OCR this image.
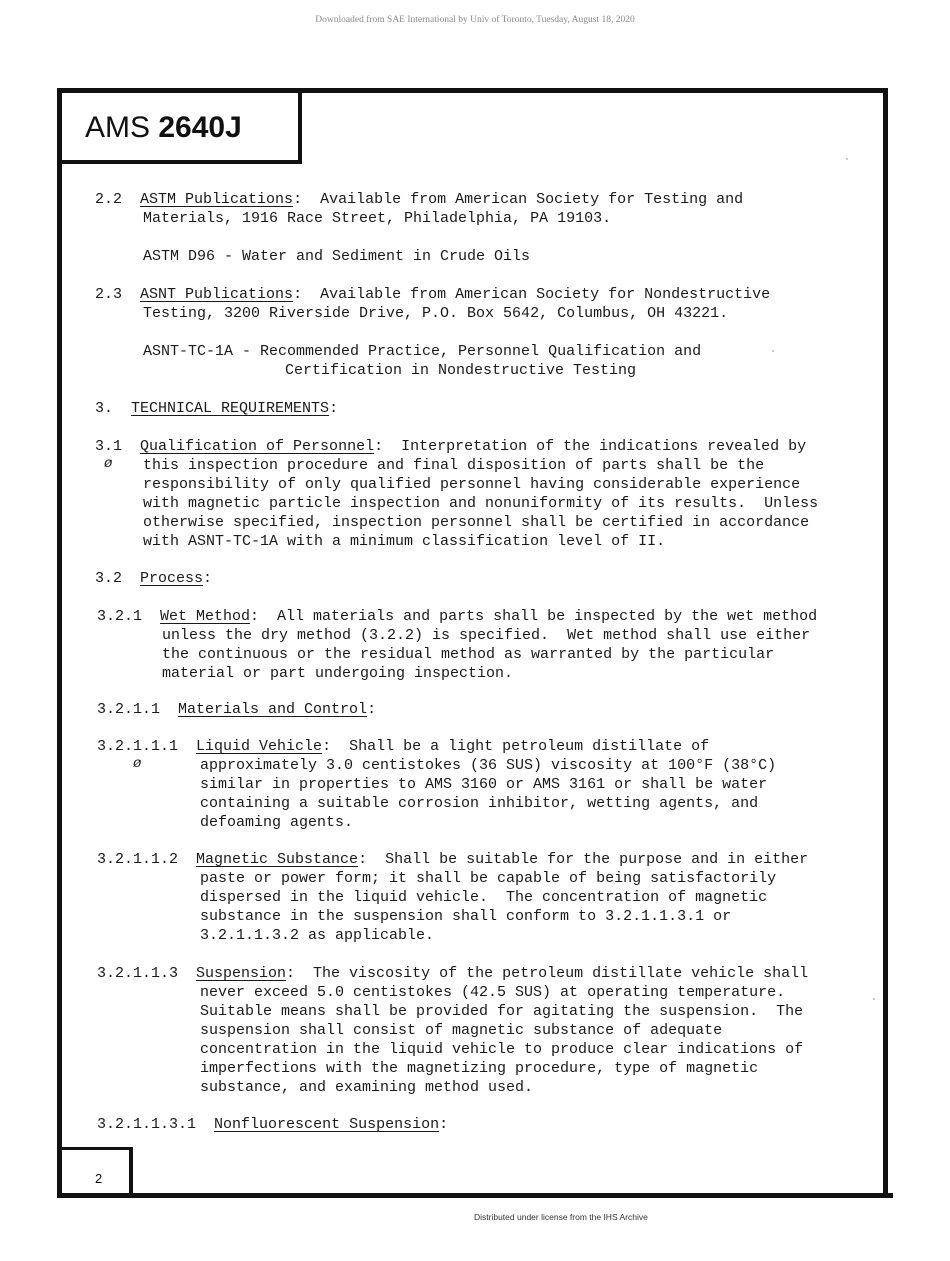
Downloaded from SAE International by Univ of Toronto, Tuesday, August 18, 2020
AMS 2640J
2.2 ASTM Publications:  Available from American Society for Testing and
Materials, 1916 Race Street, Philadelphia, PA 19103.
ASTM D96 - Water and Sediment in Crude Oils
2.3 ASNT Publications:  Available from American Society for Nondestructive
Testing, 3200 Riverside Drive, P.O. Box 5642, Columbus, OH 43221.
ASNT-TC-1A - Recommended Practice, Personnel Qualification and
Certification in Nondestructive Testing
3. TECHNICAL REQUIREMENTS:
3.1 Qualification of Personnel:  Interpretation of the indications revealed by
ø this inspection procedure and final disposition of parts shall be the
responsibility of only qualified personnel having considerable experience
with magnetic particle inspection and nonuniformity of its results.  Unless
otherwise specified, inspection personnel shall be certified in accordance
with ASNT-TC-1A with a minimum classification level of II.
3.2 Process:
3.2.1 Wet Method:  All materials and parts shall be inspected by the wet method
unless the dry method (3.2.2) is specified.  Wet method shall use either
the continuous or the residual method as warranted by the particular
material or part undergoing inspection.
3.2.1.1 Materials and Control:
3.2.1.1.1 Liquid Vehicle:  Shall be a light petroleum distillate of
ø	approximately 3.0 centistokes (36 SUS) viscosity at 100°F (38°C)
similar in properties to AMS 3160 or AMS 3161 or shall be water
containing a suitable corrosion inhibitor, wetting agents, and
defoaming agents.
3.2.1.1.2 Magnetic Substance:  Shall be suitable for the purpose and in either
paste or power form; it shall be capable of being satisfactorily
dispersed in the liquid vehicle.  The concentration of magnetic
substance in the suspension shall conform to 3.2.1.1.3.1 or
3.2.1.1.3.2 as applicable.
3.2.1.1.3 Suspension:  The viscosity of the petroleum distillate vehicle shall
never exceed 5.0 centistokes (42.5 SUS) at operating temperature.
Suitable means shall be provided for agitating the suspension.  The
suspension shall consist of magnetic substance of adequate
concentration in the liquid vehicle to produce clear indications of
imperfections with the magnetizing procedure, type of magnetic
substance, and examining method used.
3.2.1.1.3.1 Nonfluorescent Suspension:
2
Distributed under license from the IHS Archive
